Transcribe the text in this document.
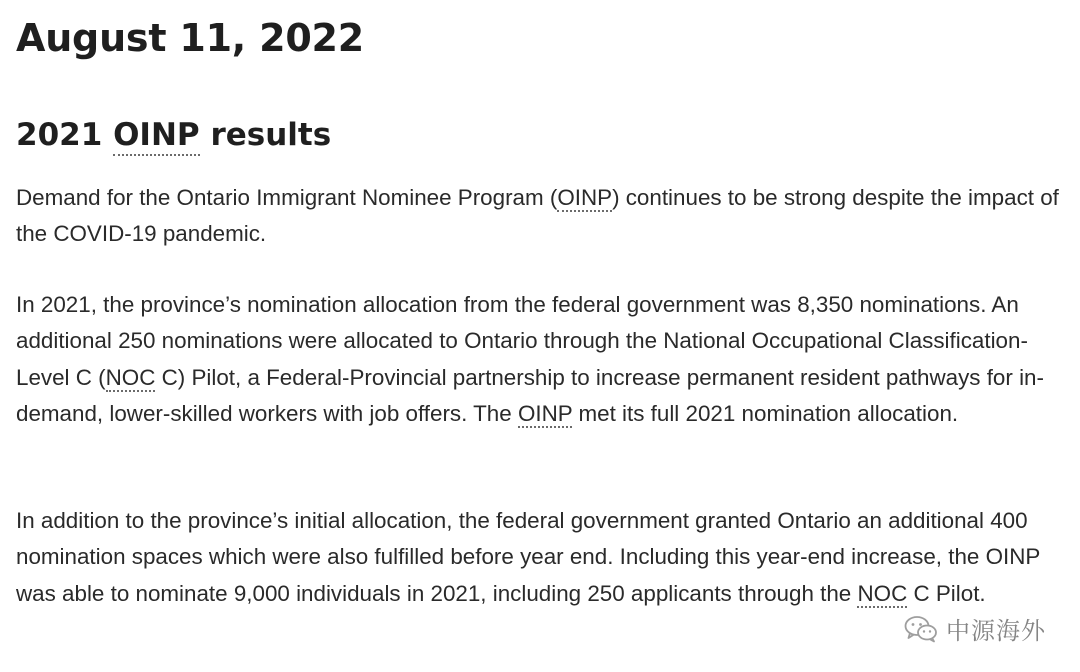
August 11, 2022
2021 OINP results

Demand for the Ontario Immigrant Nominee Program (OINP) continues to be strong despite the impact of the COVID-19 pandemic.

In 2021, the province’s nomination allocation from the federal government was 8,350 nominations. An additional 250 nominations were allocated to Ontario through the National Occupational Classification-Level C (NOC C) Pilot, a Federal-Provincial partnership to increase permanent resident pathways for in-demand, lower-skilled workers with job offers. The OINP met its full 2021 nomination allocation.

In addition to the province’s initial allocation, the federal government granted Ontario an additional 400 nomination spaces which were also fulfilled before year end. Including this year-end increase, the OINP was able to nominate 9,000 individuals in 2021, including 250 applicants through the NOC C Pilot.

中源海外
